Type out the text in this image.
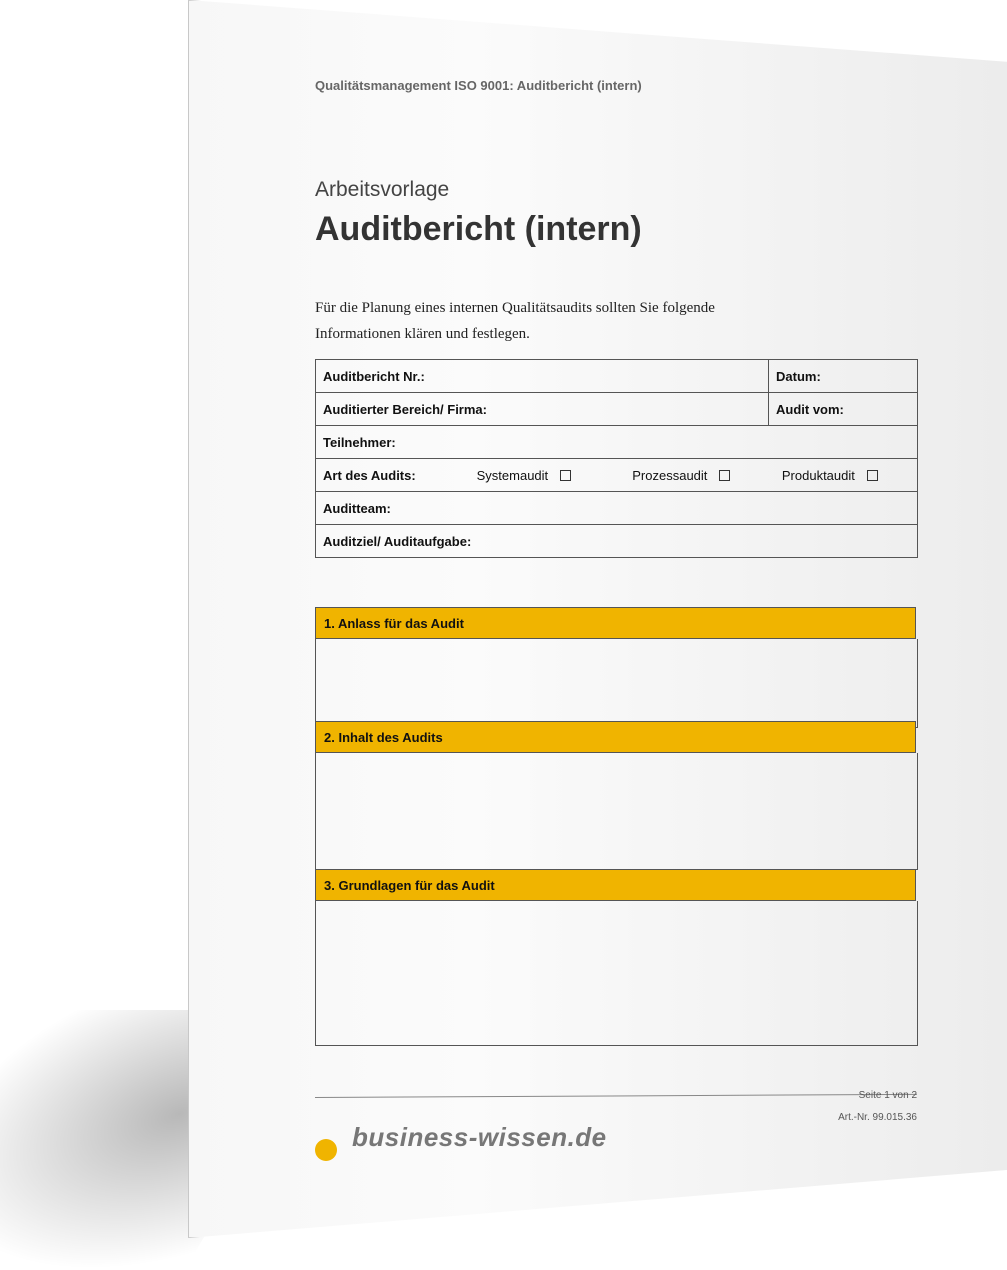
Qualitätsmanagement ISO 9001: Auditbericht (intern)
Arbeitsvorlage
Auditbericht (intern)
Für die Planung eines internen Qualitätsaudits sollten Sie folgende
Informationen klären und festlegen.
Auditbericht Nr.:	Datum:
Auditierter Bereich/ Firma:	Audit vom:
Teilnehmer:	
Art des Audits: Systemaudit Prozessaudit Produktaudit	
Auditteam:	
Auditziel/ Auditaufgabe:	
1. Anlass für das Audit
2. Inhalt des Audits
3. Grundlagen für das Audit
Seite 1 von 2
Art.-Nr. 99.015.36
business-wissen.de
